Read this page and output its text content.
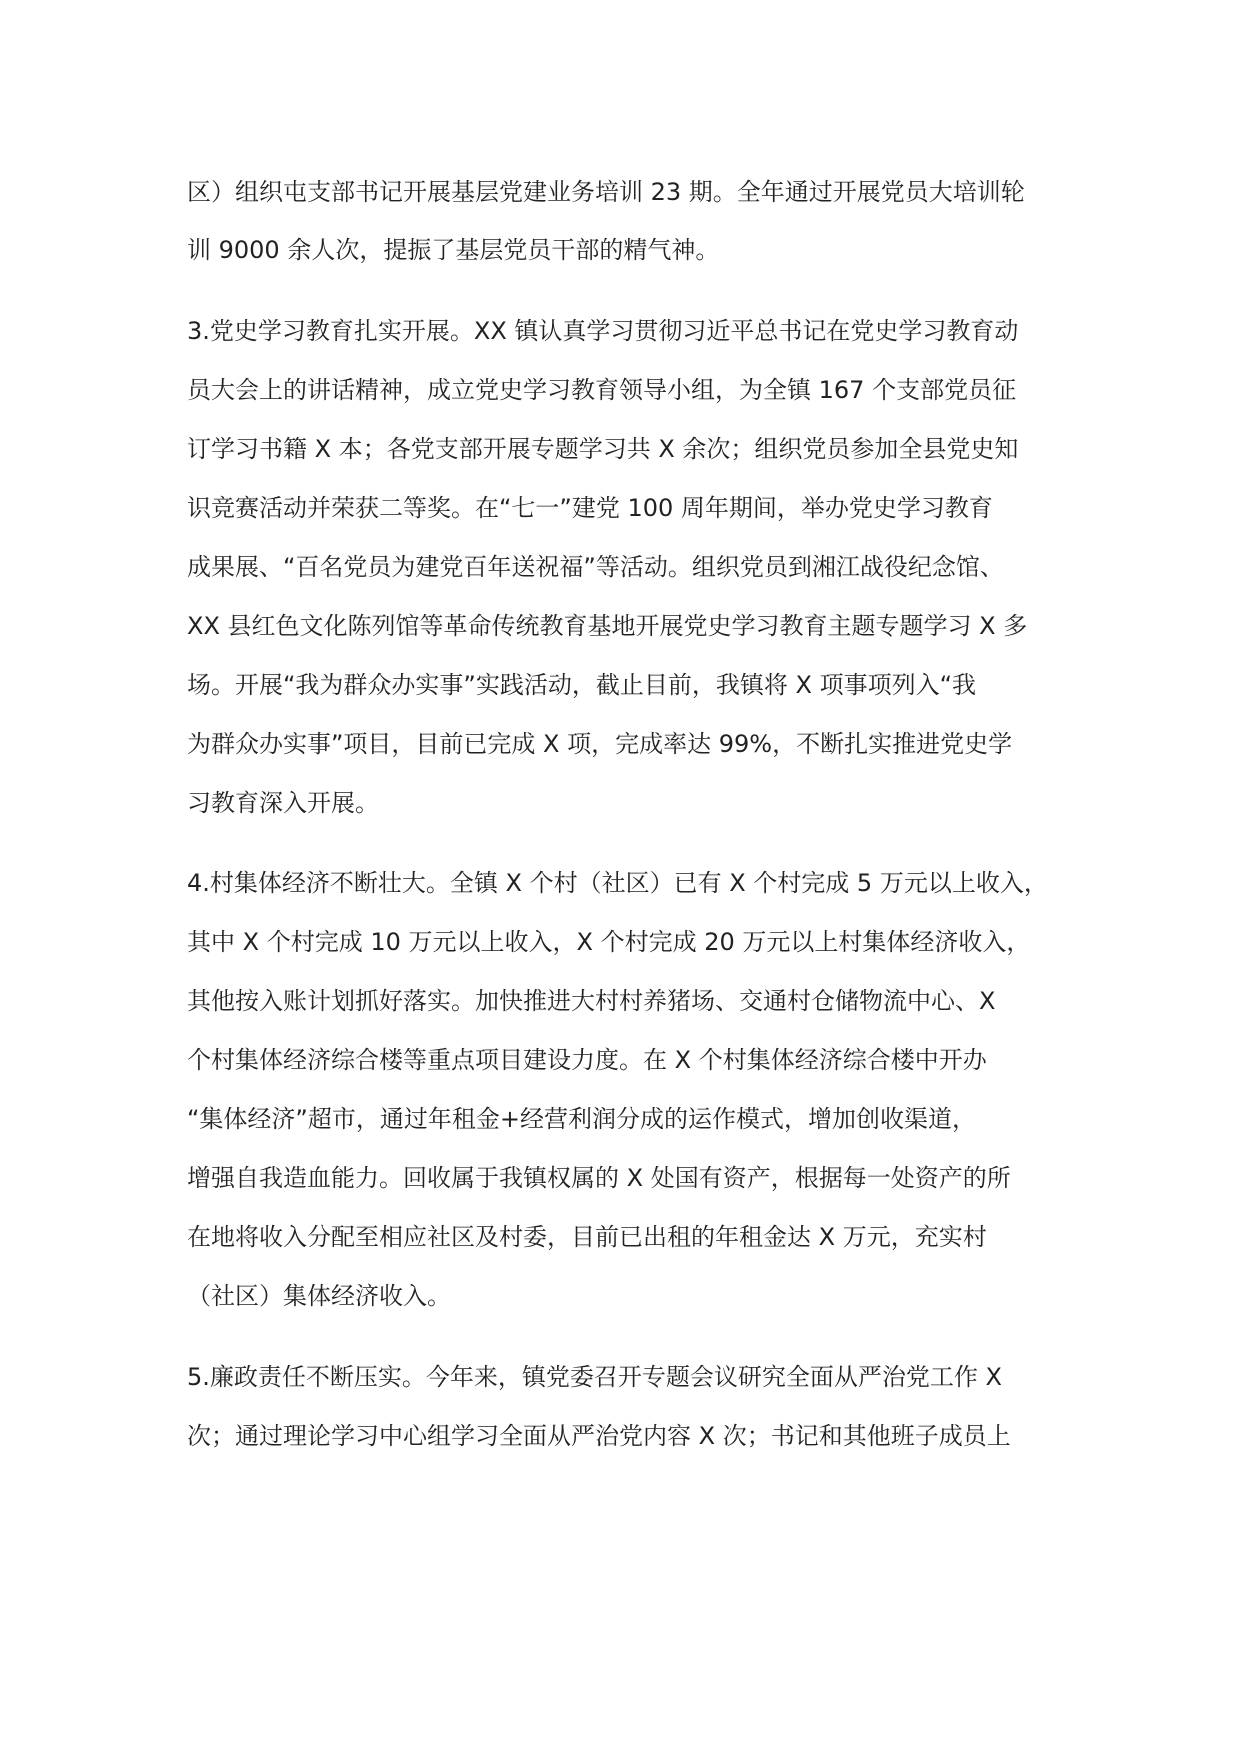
区）组织屯支部书记开展基层党建业务培训 23 期。全年通过开展党员大培训轮
训 9000 余人次，提振了基层党员干部的精气神。
3.党史学习教育扎实开展。XX 镇认真学习贯彻习近平总书记在党史学习教育动
员大会上的讲话精神，成立党史学习教育领导小组，为全镇 167 个支部党员征
订学习书籍 X 本；各党支部开展专题学习共 X 余次；组织党员参加全县党史知
识竞赛活动并荣获二等奖。在“七一”建党 100 周年期间，举办党史学习教育
成果展、“百名党员为建党百年送祝福”等活动。组织党员到湘江战役纪念馆、
XX 县红色文化陈列馆等革命传统教育基地开展党史学习教育主题专题学习 X 多
场。开展“我为群众办实事”实践活动，截止目前，我镇将 X 项事项列入“我
为群众办实事”项目，目前已完成 X 项，完成率达 99%，不断扎实推进党史学
习教育深入开展。
4.村集体经济不断壮大。全镇 X 个村（社区）已有 X 个村完成 5 万元以上收入，
其中 X 个村完成 10 万元以上收入，X 个村完成 20 万元以上村集体经济收入，
其他按入账计划抓好落实。加快推进大村村养猪场、交通村仓储物流中心、X
个村集体经济综合楼等重点项目建设力度。在 X 个村集体经济综合楼中开办
“集体经济”超市，通过年租金+经营利润分成的运作模式，增加创收渠道，
增强自我造血能力。回收属于我镇权属的 X 处国有资产，根据每一处资产的所
在地将收入分配至相应社区及村委，目前已出租的年租金达 X 万元，充实村
（社区）集体经济收入。
5.廉政责任不断压实。今年来，镇党委召开专题会议研究全面从严治党工作 X
次；通过理论学习中心组学习全面从严治党内容 X 次；书记和其他班子成员上
